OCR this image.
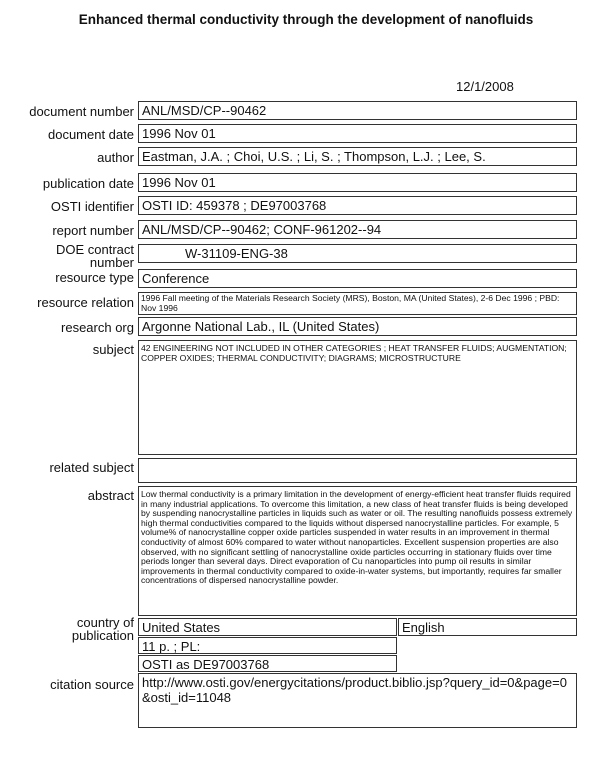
Enhanced thermal conductivity through the development of nanofluids
12/1/2008
document number ANL/MSD/CP--90462
document date 1996 Nov 01
author Eastman, J.A. ; Choi, U.S. ; Li, S. ; Thompson, L.J. ; Lee, S.
publication date 1996 Nov 01
OSTI identifier OSTI ID: 459378 ; DE97003768
report number ANL/MSD/CP--90462; CONF-961202--94
DOE contract
number
W-31109-ENG-38
resource type Conference
resource relation 1996 Fall meeting of the Materials Research Society (MRS), Boston, MA (United States), 2-6 Dec 1996 ; PBD: Nov 1996
research org Argonne National Lab., IL (United States)
subject 42 ENGINEERING NOT INCLUDED IN OTHER CATEGORIES ; HEAT TRANSFER FLUIDS; AUGMENTATION; COPPER OXIDES; THERMAL CONDUCTIVITY; DIAGRAMS; MICROSTRUCTURE
related subject
abstract Low thermal conductivity is a primary limitation in the development of energy-efficient heat transfer fluids required in many industrial applications. To overcome this limitation, a new class of heat transfer fluids is being developed by suspending nanocrystalline particles in liquids such as water or oil. The resulting nanofluids possess extremely high thermal conductivities compared to the liquids without dispersed nanocrystalline particles. For example, 5 volume% of nanocrystalline copper oxide particles suspended in water results in an improvement in thermal conductivity of almost 60% compared to water without nanoparticles. Excellent suspension properties are also observed, with no significant settling of nanocrystalline oxide particles occurring in stationary fluids over time periods longer than several days. Direct evaporation of Cu nanoparticles into pump oil results in similar improvements in thermal conductivity compared to oxide-in-water systems, but importantly, requires far smaller concentrations of dispersed nanocrystalline powder.
country of
publication
United States	English
11 p. ; PL:
OSTI as DE97003768
citation source http://www.osti.gov/energycitations/product.biblio.jsp?query_id=0&page=0&osti_id=11048
